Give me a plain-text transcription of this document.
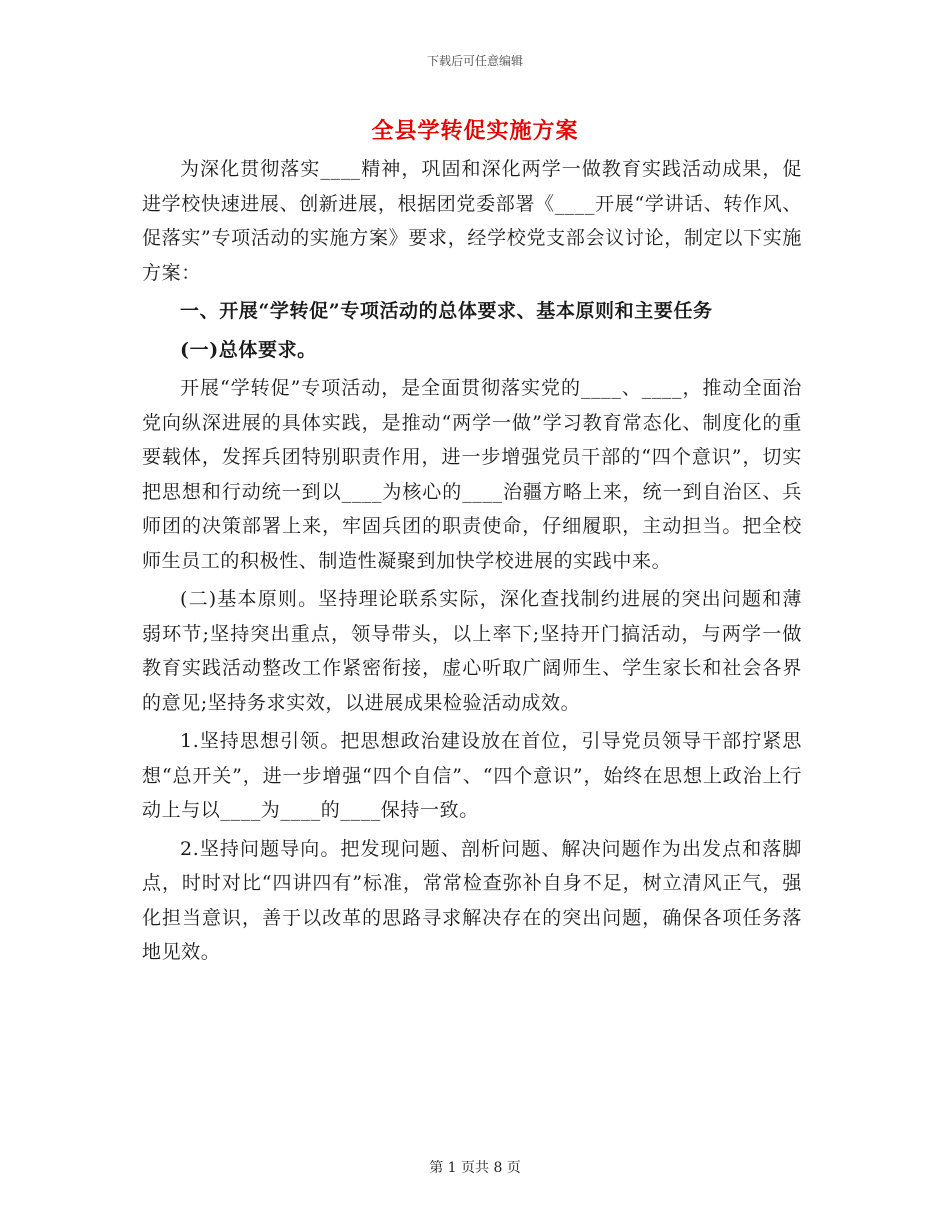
下载后可任意编辑
全县学转促实施方案

为深化贯彻落实____精神，巩固和深化两学一做教育实践活动成果，促进学校快速进展、创新进展，根据团党委部署《____开展“学讲话、转作风、促落实”专项活动的实施方案》要求，经学校党支部会议讨论，制定以下实施方案：

一、开展“学转促”专项活动的总体要求、基本原则和主要任务

(一)总体要求。

开展“学转促”专项活动，是全面贯彻落实党的____、____，推动全面治党向纵深进展的具体实践，是推动“两学一做”学习教育常态化、制度化的重要载体，发挥兵团特别职责作用，进一步增强党员干部的“四个意识”，切实把思想和行动统一到以____为核心的____治疆方略上来，统一到自治区、兵师团的决策部署上来，牢固兵团的职责使命，仔细履职，主动担当。把全校师生员工的积极性、制造性凝聚到加快学校进展的实践中来。

(二)基本原则。坚持理论联系实际，深化查找制约进展的突出问题和薄弱环节;坚持突出重点，领导带头，以上率下;坚持开门搞活动，与两学一做教育实践活动整改工作紧密衔接，虚心听取广阔师生、学生家长和社会各界的意见;坚持务求实效，以进展成果检验活动成效。

1.坚持思想引领。把思想政治建设放在首位，引导党员领导干部拧紧思想“总开关”，进一步增强“四个自信”、“四个意识”，始终在思想上政治上行动上与以____为____的____保持一致。

2.坚持问题导向。把发现问题、剖析问题、解决问题作为出发点和落脚点，时时对比“四讲四有”标准，常常检查弥补自身不足，树立清风正气，强化担当意识，善于以改革的思路寻求解决存在的突出问题，确保各项任务落地见效。

第 1 页共 8 页
